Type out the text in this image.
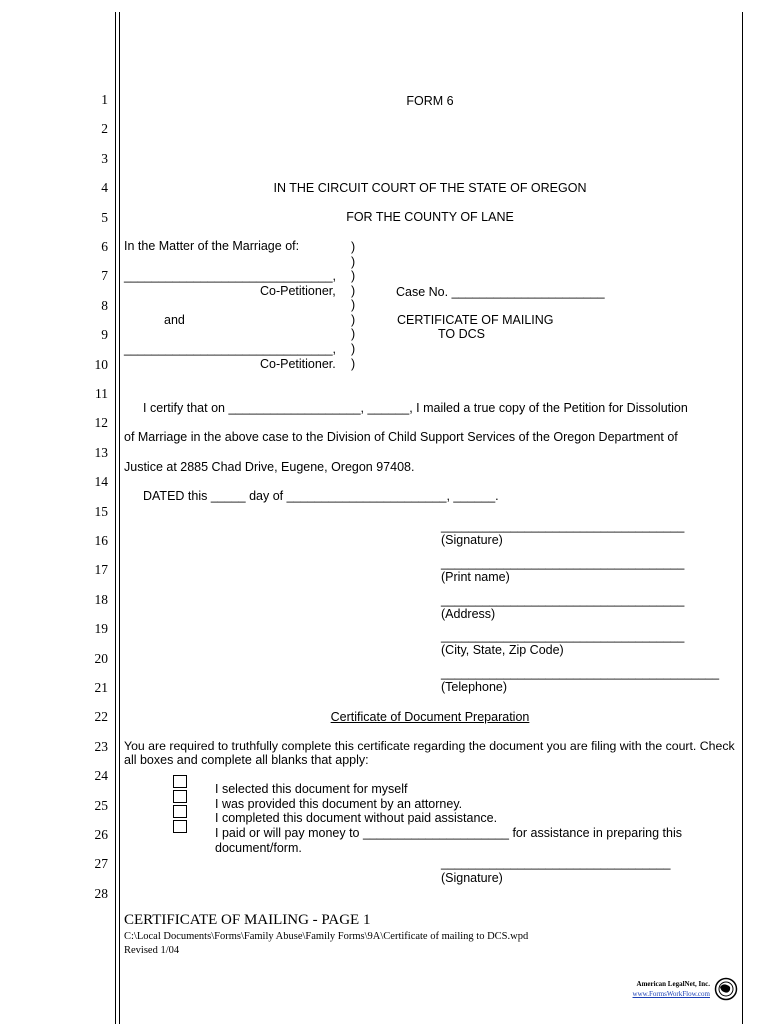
1
2
3
4
5
6
7
8
9
10
11
12
13
14
15
16
17
18
19
20
21
22
23
24
25
26
27
28
FORM 6
IN THE CIRCUIT COURT OF THE STATE OF OREGON
FOR THE COUNTY OF LANE
In the Matter of the Marriage of:
______________________________,
Co-Petitioner,
and
______________________________,
Co-Petitioner.
)
)
)
)
)
)
)
)
)
Case No. ______________________
CERTIFICATE OF MAILING
TO DCS
I certify that on ___________________, ______, I mailed a true copy of the Petition for Dissolution
of Marriage in the above case to the Division of Child Support Services of the Oregon Department of
Justice at 2885 Chad Drive, Eugene, Oregon 97408.
DATED this _____ day of _______________________, ______.
___________________________________
(Signature)
___________________________________
(Print name)
___________________________________
(Address)
___________________________________
(City, State, Zip Code)
________________________________________
(Telephone)
Certificate of Document Preparation
You are required to truthfully complete this certificate regarding the document you are filing with the court. Check
all boxes and complete all blanks that apply:
I selected this document for myself
I was provided this document by an attorney.
I completed this document without paid assistance.
I paid or will pay money to _____________________ for assistance in preparing this
document/form.
_________________________________
(Signature)
CERTIFICATE OF MAILING - PAGE 1
C:\Local Documents\Forms\Family Abuse\Family Forms\9A\Certificate of mailing to DCS.wpd
Revised 1/04
American LegalNet, Inc.
www.FormsWorkFlow.com
